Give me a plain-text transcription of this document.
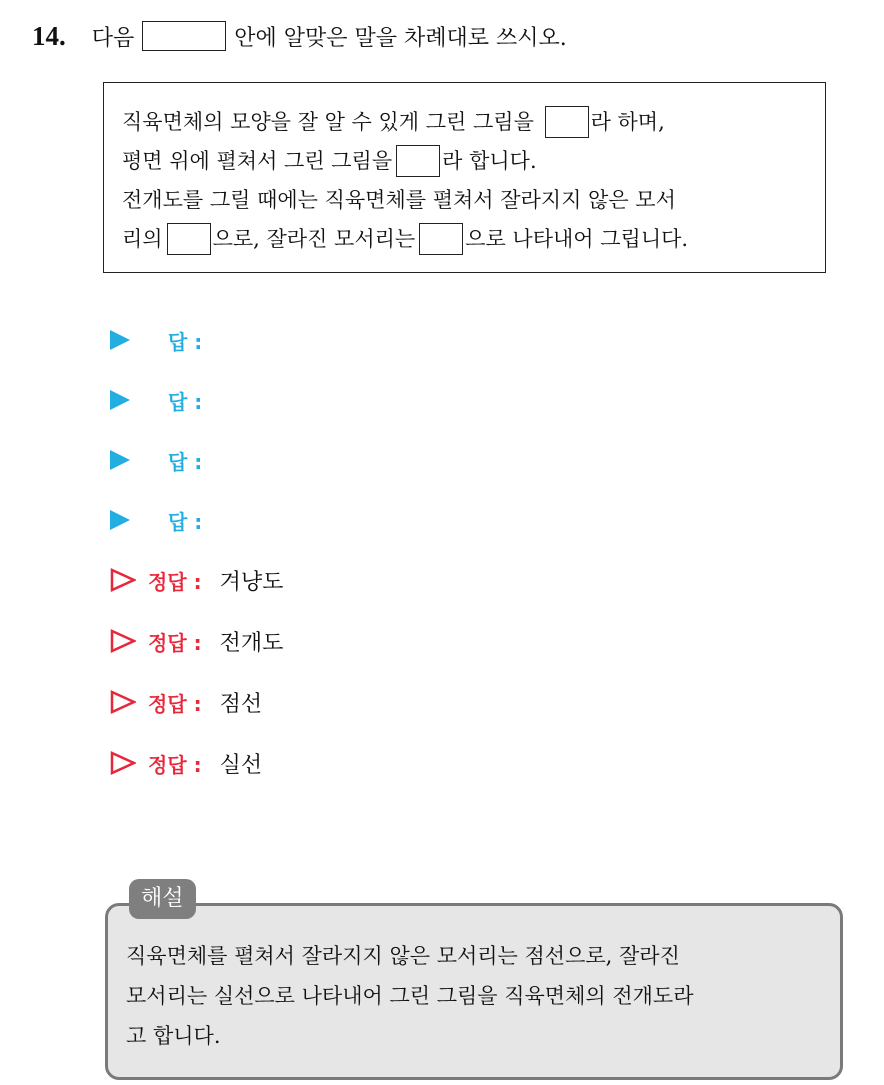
14. 다음	안에 알맞은 말을 차례대로 쓰시오.
직육면체의 모양을 잘 알 수 있게 그린 그림을	라 하며,
평면 위에 펼쳐서 그린 그림을 라 합니다.
전개도를 그릴 때에는 직육면체를 펼쳐서 잘라지지 않은 모서
리의 으로, 잘라진 모서리는 으로 나타내어 그립니다.
답 :
답 :
답 :
답 :
정답 : 겨냥도
정답 : 전개도
정답 : 점선
정답 : 실선
직육면체를 펼쳐서 잘라지지 않은 모서리는 점선으로, 잘라진
모서리는 실선으로 나타내어 그린 그림을 직육면체의 전개도라
고 합니다.
해설
